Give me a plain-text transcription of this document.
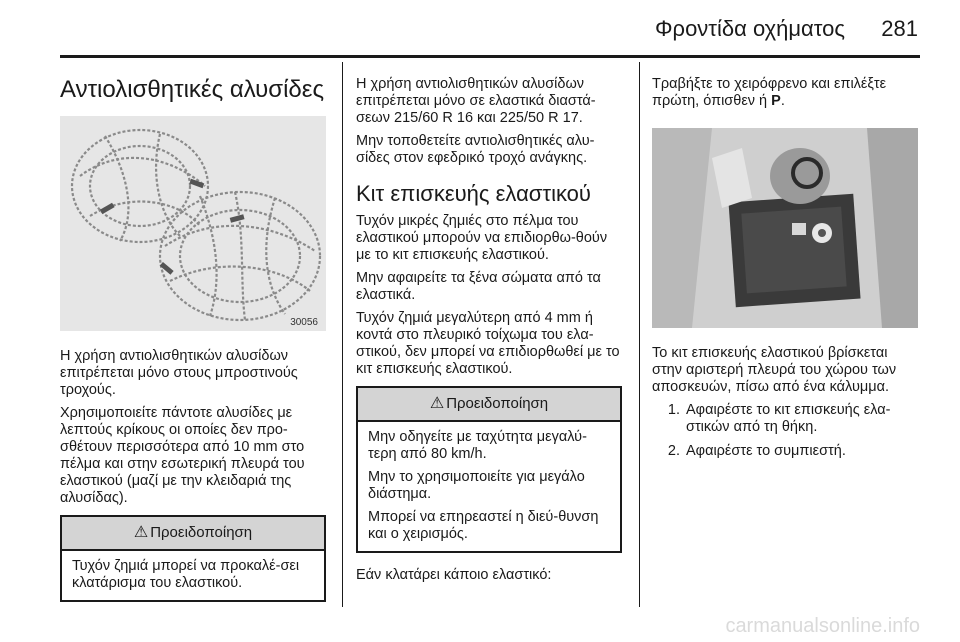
Φροντίδα οχήματος 281
Αντιολισθητικές αλυσίδες
30056

Η χρήση αντιολισθητικών αλυσίδων επιτρέπεται μόνο στους μπροστινούς τροχούς.

Χρησιμοποιείτε πάντοτε αλυσίδες με λεπτούς κρίκους οι οποίες δεν προ-σθέτουν περισσότερα από 10 mm στο πέλμα και στην εσωτερική πλευρά του ελαστικού (μαζί με την κλειδαριά της αλυσίδας).

⚠ Προειδοποίηση

Τυχόν ζημιά μπορεί να προκαλέ-σει κλατάρισμα του ελαστικού.

Η χρήση αντιολισθητικών αλυσίδων επιτρέπεται μόνο σε ελαστικά διαστά-σεων 215/60 R 16 και 225/50 R 17.

Μην τοποθετείτε αντιολισθητικές αλυ-σίδες στον εφεδρικό τροχό ανάγκης.

Κιτ επισκευής ελαστικού

Τυχόν μικρές ζημιές στο πέλμα του ελαστικού μπορούν να επιδιορθω-θούν με το κιτ επισκευής ελαστικού.

Μην αφαιρείτε τα ξένα σώματα από τα ελαστικά.

Τυχόν ζημιά μεγαλύτερη από 4 mm ή κοντά στο πλευρικό τοίχωμα του ελα-στικού, δεν μπορεί να επιδιορθωθεί με το κιτ επισκευής ελαστικού.

⚠ Προειδοποίηση

Μην οδηγείτε με ταχύτητα μεγαλύ-τερη από 80 km/h.

Μην το χρησιμοποιείτε για μεγάλο διάστημα.

Μπορεί να επηρεαστεί η διεύ-θυνση και ο χειρισμός.

Εάν κλατάρει κάποιο ελαστικό:

Τραβήξτε το χειρόφρενο και επιλέξτε πρώτη, όπισθεν ή P.

Το κιτ επισκευής ελαστικού βρίσκεται στην αριστερή πλευρά του χώρου των αποσκευών, πίσω από ένα κάλυμμα.

1. Αφαιρέστε το κιτ επισκευής ελα-στικών από τη θήκη.
2. Αφαιρέστε το συμπιεστή.
carmanualsonline.info
